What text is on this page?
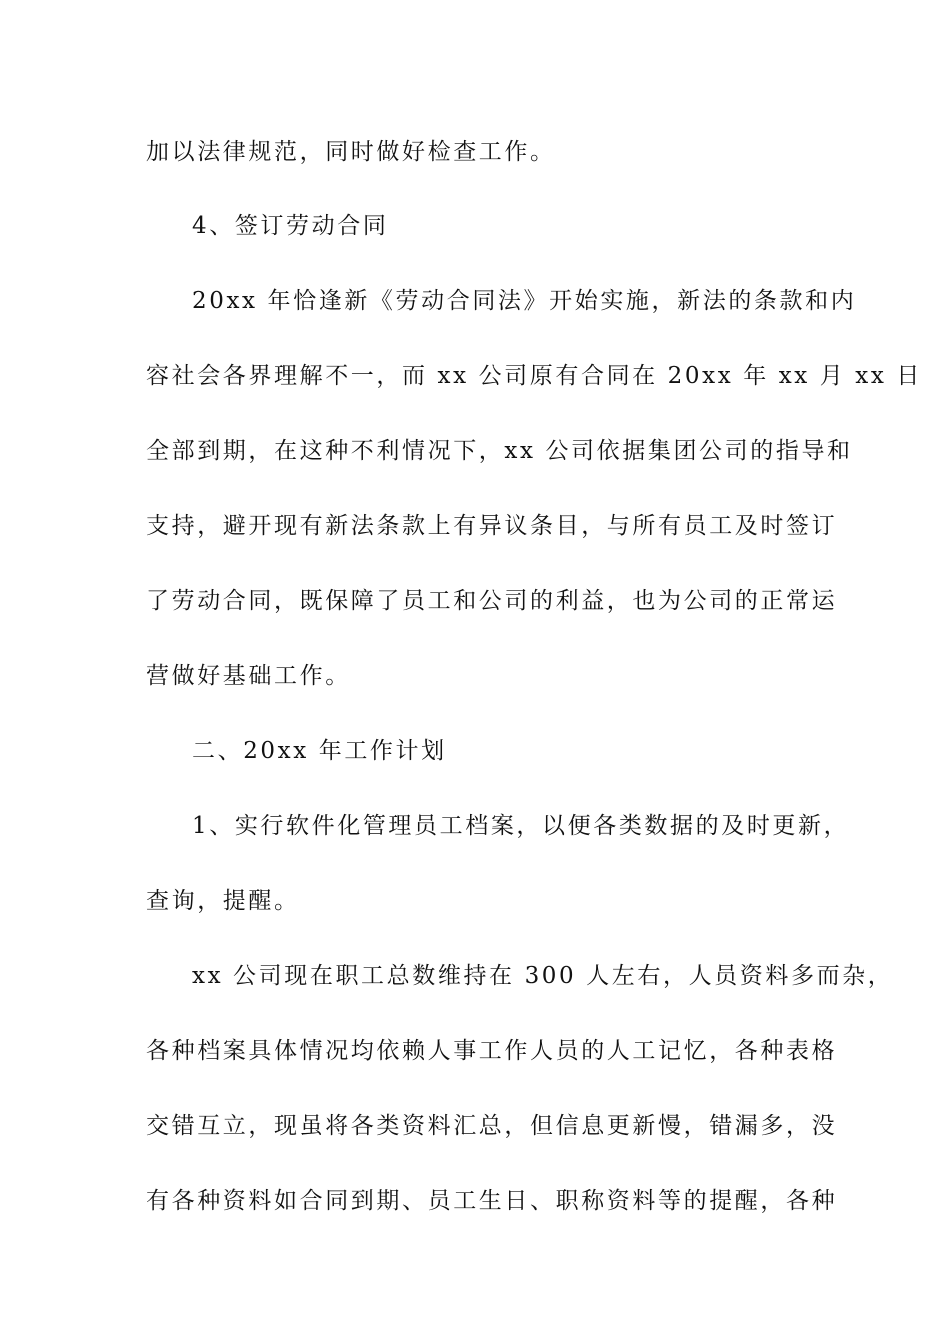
加以法律规范，同时做好检查工作。

4、签订劳动合同

20xx 年恰逢新《劳动合同法》开始实施，新法的条款和内

容社会各界理解不一，而 xx 公司原有合同在 20xx 年 xx 月 xx 日

全部到期，在这种不利情况下，xx 公司依据集团公司的指导和

支持，避开现有新法条款上有异议条目，与所有员工及时签订

了劳动合同，既保障了员工和公司的利益，也为公司的正常运

营做好基础工作。

二、20xx 年工作计划

1、实行软件化管理员工档案，以便各类数据的及时更新，

查询，提醒。

xx 公司现在职工总数维持在 300 人左右，人员资料多而杂，

各种档案具体情况均依赖人事工作人员的人工记忆，各种表格

交错互立，现虽将各类资料汇总，但信息更新慢，错漏多，没

有各种资料如合同到期、员工生日、职称资料等的提醒，各种
